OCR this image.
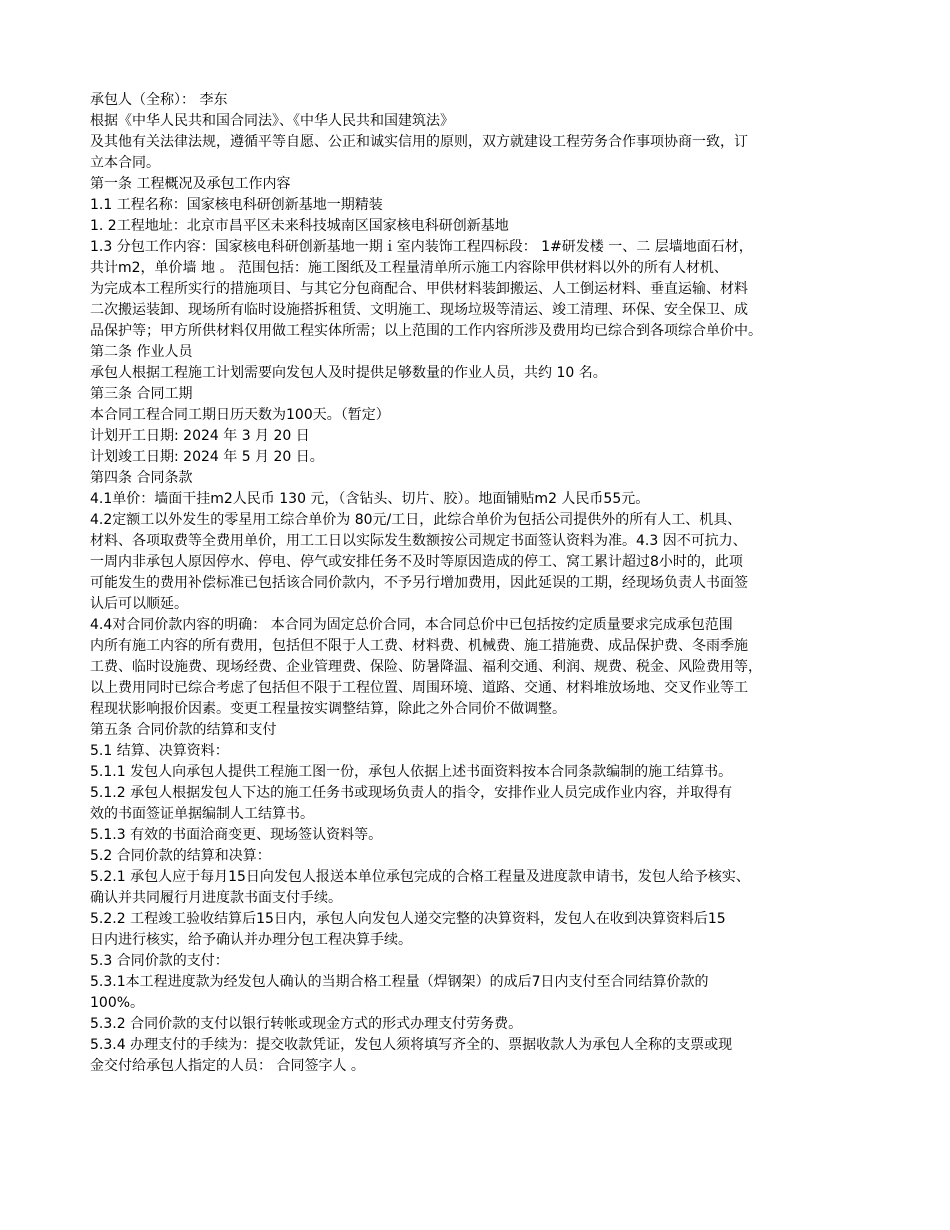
承包人（全称）： 李东
根据《中华人民共和国合同法》、《中华人民共和国建筑法》
及其他有关法律法规，遵循平等自愿、公正和诚实信用的原则，双方就建设工程劳务合作事项协商一致，订
立本合同。
第一条 工程概况及承包工作内容
1.1 工程名称：国家核电科研创新基地一期精装
1. 2工程地址：北京市昌平区未来科技城南区国家核电科研创新基地
1.3 分包工作内容：国家核电科研创新基地一期ｉ室内装饰工程四标段： 1#研发楼 一、二 层墙地面石材，
共计m2，单价墙 地 。 范围包括：施工图纸及工程量清单所示施工内容除甲供材料以外的所有人材机、
为完成本工程所实行的措施项目、与其它分包商配合、甲供材料装卸搬运、人工倒运材料、垂直运输、材料
二次搬运装卸、现场所有临时设施搭拆租赁、文明施工、现场垃圾等清运、竣工清理、环保、安全保卫、成
品保护等；甲方所供材料仅用做工程实体所需；以上范围的工作内容所涉及费用均已综合到各项综合单价中。
第二条 作业人员
承包人根据工程施工计划需要向发包人及时提供足够数量的作业人员，共约 10 名。
第三条 合同工期
本合同工程合同工期日历天数为100天。（暂定）
计划开工日期: 2024 年 3 月 20 日
计划竣工日期: 2024 年 5 月 20 日。
第四条 合同条款
4.1单价：墙面干挂m2人民币 130 元，（含钻头、切片、胶）。地面铺贴m2 人民币55元。
4.2定额工以外发生的零星用工综合单价为 80元/工日，此综合单价为包括公司提供外的所有人工、机具、
材料、各项取费等全费用单价，用工工日以实际发生数额按公司规定书面签认资料为准。4.3 因不可抗力、
一周内非承包人原因停水、停电、停气或安排任务不及时等原因造成的停工、窝工累计超过8小时的，此项
可能发生的费用补偿标准已包括该合同价款内，不予另行增加费用，因此延误的工期，经现场负责人书面签
认后可以顺延。
4.4对合同价款内容的明确： 本合同为固定总价合同，本合同总价中已包括按约定质量要求完成承包范围
内所有施工内容的所有费用，包括但不限于人工费、材料费、机械费、施工措施费、成品保护费、冬雨季施
工费、临时设施费、现场经费、企业管理费、保险、防暑降温、福利交通、利润、规费、税金、风险费用等，
以上费用同时已综合考虑了包括但不限于工程位置、周围环境、道路、交通、材料堆放场地、交叉作业等工
程现状影响报价因素。变更工程量按实调整结算，除此之外合同价不做调整。
第五条 合同价款的结算和支付
5.1 结算、决算资料：
5.1.1 发包人向承包人提供工程施工图一份，承包人依据上述书面资料按本合同条款编制的施工结算书。
5.1.2 承包人根据发包人下达的施工任务书或现场负责人的指令，安排作业人员完成作业内容，并取得有
效的书面签证单据编制人工结算书。
5.1.3 有效的书面洽商变更、现场签认资料等。
5.2 合同价款的结算和决算：
5.2.1 承包人应于每月15日向发包人报送本单位承包完成的合格工程量及进度款申请书，发包人给予核实、
确认并共同履行月进度款书面支付手续。
5.2.2 工程竣工验收结算后15日内，承包人向发包人递交完整的决算资料，发包人在收到决算资料后15
日内进行核实，给予确认并办理分包工程决算手续。
5.3 合同价款的支付：
5.3.1本工程进度款为经发包人确认的当期合格工程量（焊钢架）的成后7日内支付至合同结算价款的
100%。
5.3.2 合同价款的支付以银行转帐或现金方式的形式办理支付劳务费。
5.3.4 办理支付的手续为：提交收款凭证，发包人须将填写齐全的、票据收款人为承包人全称的支票或现
金交付给承包人指定的人员： 合同签字人 。
